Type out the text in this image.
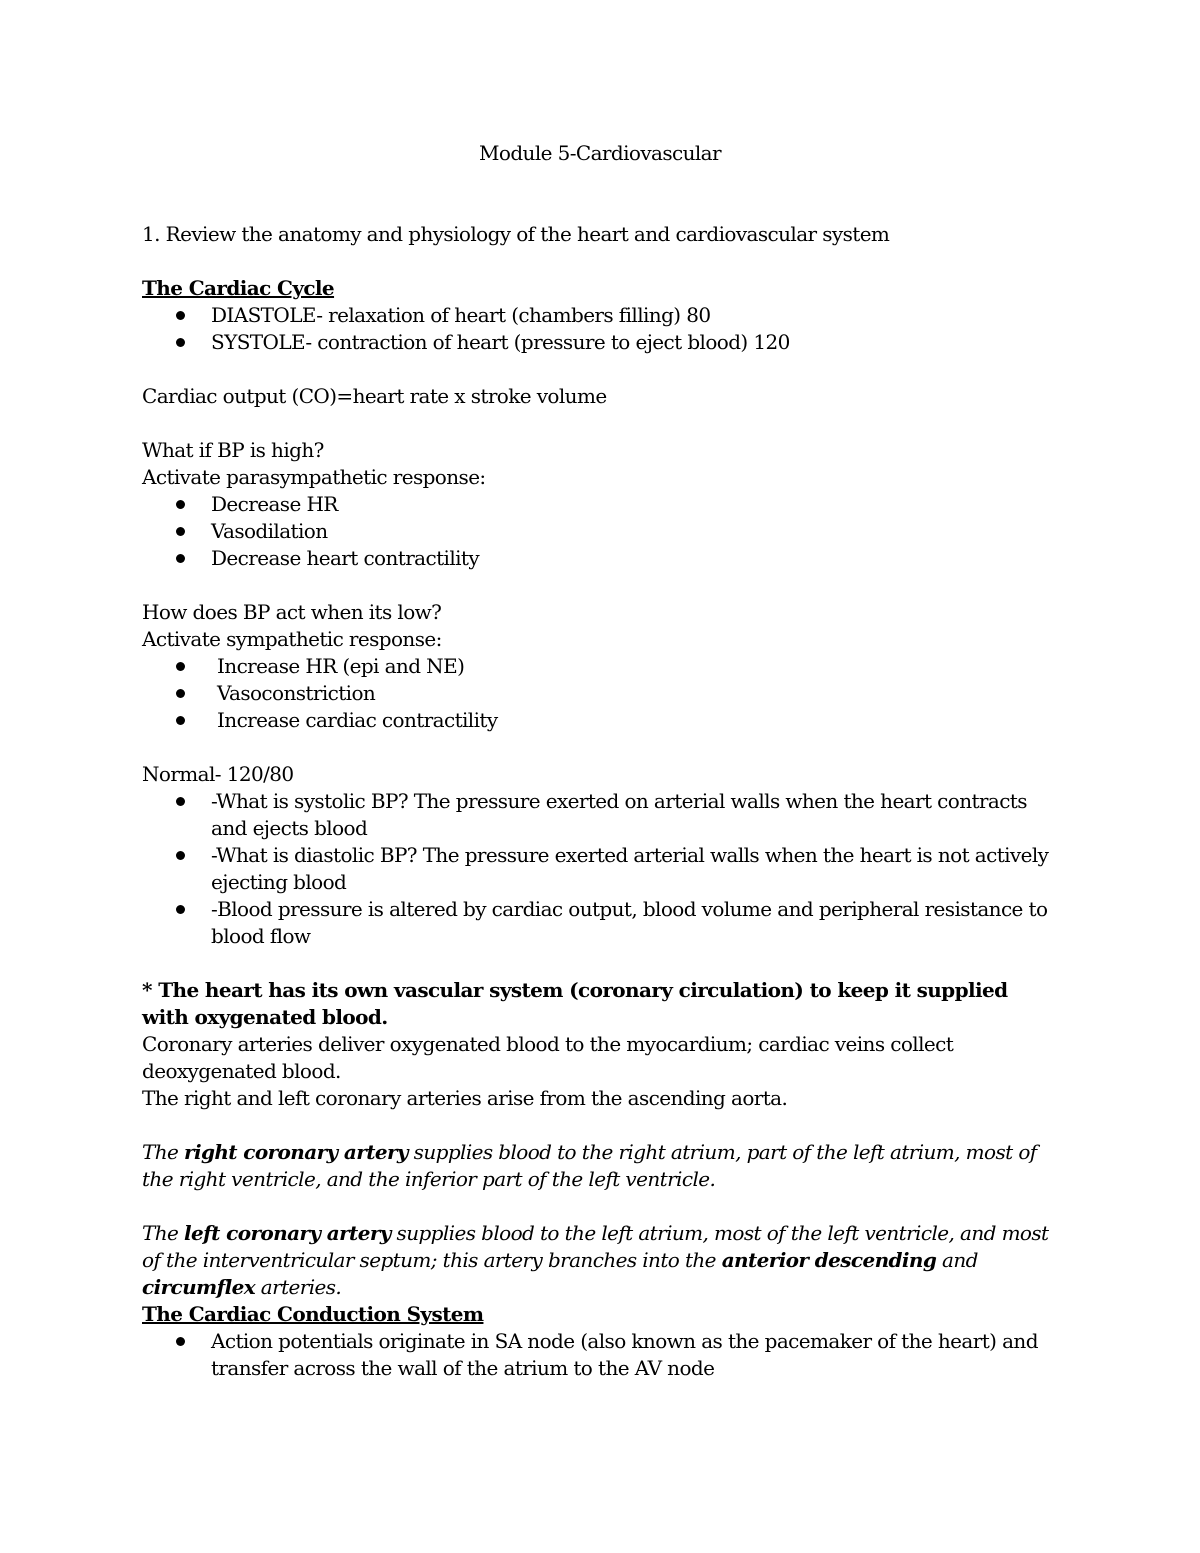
Module 5-Cardiovascular

1. Review the anatomy and physiology of the heart and cardiovascular system

The Cardiac Cycle

DIASTOLE- relaxation of heart (chambers filling) 80
SYSTOLE- contraction of heart (pressure to eject blood) 120

Cardiac output (CO)=heart rate x stroke volume

What if BP is high?

Activate parasympathetic response:

Decrease HR
Vasodilation
Decrease heart contractility

How does BP act when its low?

Activate sympathetic response:

Increase HR (epi and NE)
Vasoconstriction
Increase cardiac contractility

Normal- 120/80

-What is systolic BP? The pressure exerted on arterial walls when the heart contracts and ejects blood
-What is diastolic BP? The pressure exerted arterial walls when the heart is not actively ejecting blood
-Blood pressure is altered by cardiac output, blood volume and peripheral resistance to blood flow

* The heart has its own vascular system (coronary circulation) to keep it supplied with oxygenated blood.

Coronary arteries deliver oxygenated blood to the myocardium; cardiac veins collect deoxygenated blood.

The right and left coronary arteries arise from the ascending aorta.

The right coronary artery supplies blood to the right atrium, part of the left atrium, most of the right ventricle, and the inferior part of the left ventricle.

The left coronary artery supplies blood to the left atrium, most of the left ventricle, and most of the interventricular septum; this artery branches into the anterior descending and circumflex arteries.

The Cardiac Conduction System

Action potentials originate in SA node (also known as the pacemaker of the heart) and transfer across the wall of the atrium to the AV node
